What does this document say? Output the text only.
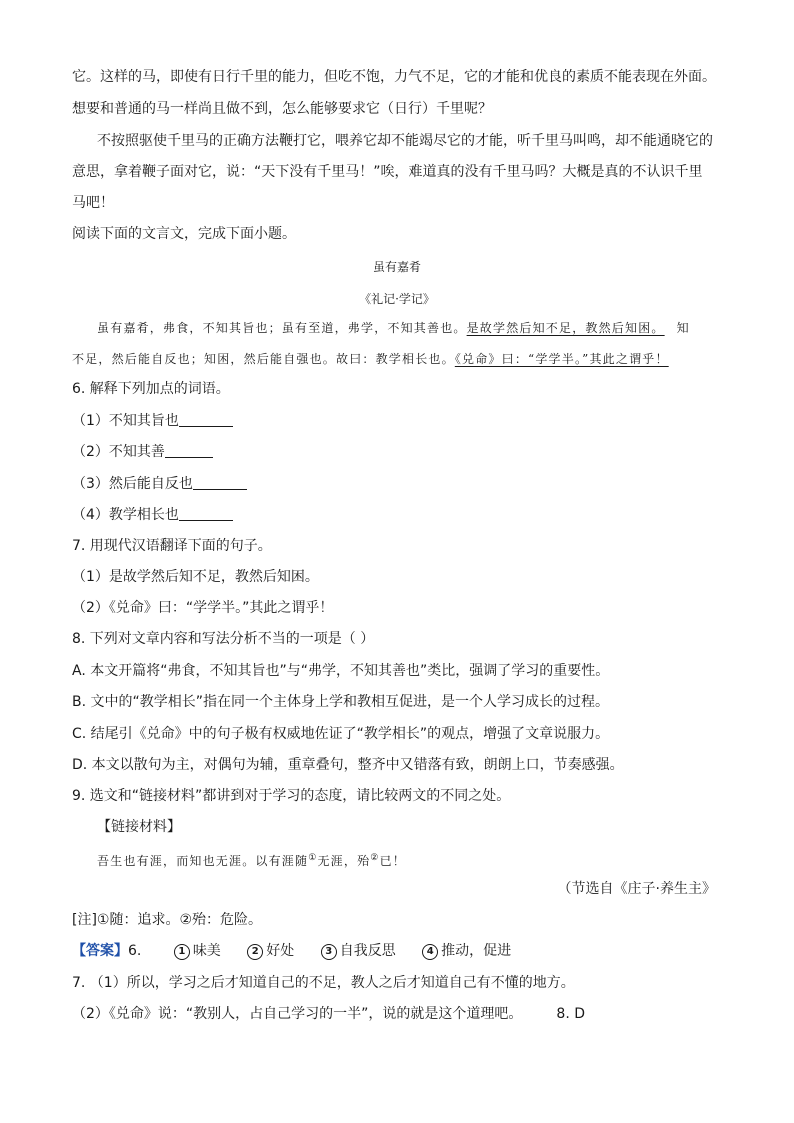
它。这样的马，即使有日行千里的能力，但吃不饱，力气不足，它的才能和优良的素质不能表现在外面。
想要和普通的马一样尚且做不到，怎么能够要求它（日行）千里呢？
不按照驱使千里马的正确方法鞭打它，喂养它却不能竭尽它的才能，听千里马叫鸣，却不能通晓它的
意思，拿着鞭子面对它，说：“天下没有千里马！”唉，难道真的没有千里马吗？大概是真的不认识千里
马吧！
阅读下面的文言文，完成下面小题。
虽有嘉肴
《礼记·学记》
虽有嘉肴，弗食，不知其旨也；虽有至道，弗学，不知其善也。是故学然后知不足，教然后知困。 知
不足，然后能自反也；知困，然后能自强也。故曰：教学相长也。《兑命》曰：“学学半。”其此之谓乎！
6. 解释下列加点的词语。
（1）不知其旨也
（2）不知其善
（3）然后能自反也
（4）教学相长也
7. 用现代汉语翻译下面的句子。
（1）是故学然后知不足，教然后知困。
（2）《兑命》曰：“学学半。”其此之谓乎！
8. 下列对文章内容和写法分析不当的一项是（ ）
A. 本文开篇将“弗食，不知其旨也”与“弗学，不知其善也”类比，强调了学习的重要性。
B. 文中的“教学相长”指在同一个主体身上学和教相互促进，是一个人学习成长的过程。
C. 结尾引《兑命》中的句子极有权威地佐证了“教学相长”的观点，增强了文章说服力。
D. 本文以散句为主，对偶句为辅，重章叠句，整齐中又错落有致，朗朗上口，节奏感强。
9. 选文和“链接材料”都讲到对于学习的态度，请比较两文的不同之处。
【链接材料】
吾生也有涯，而知也无涯。以有涯随①无涯，殆②已！
（节选自《庄子·养生主》
[注]①随：追求。②殆：危险。
【答案】6.	1 味美	2 好处	3 自我反思	4 推动，促进
7. （1）所以，学习之后才知道自己的不足，教人之后才知道自己有不懂的地方。
（2）《兑命》说：“教别人，占自己学习的一半”，说的就是这个道理吧。 8. D
